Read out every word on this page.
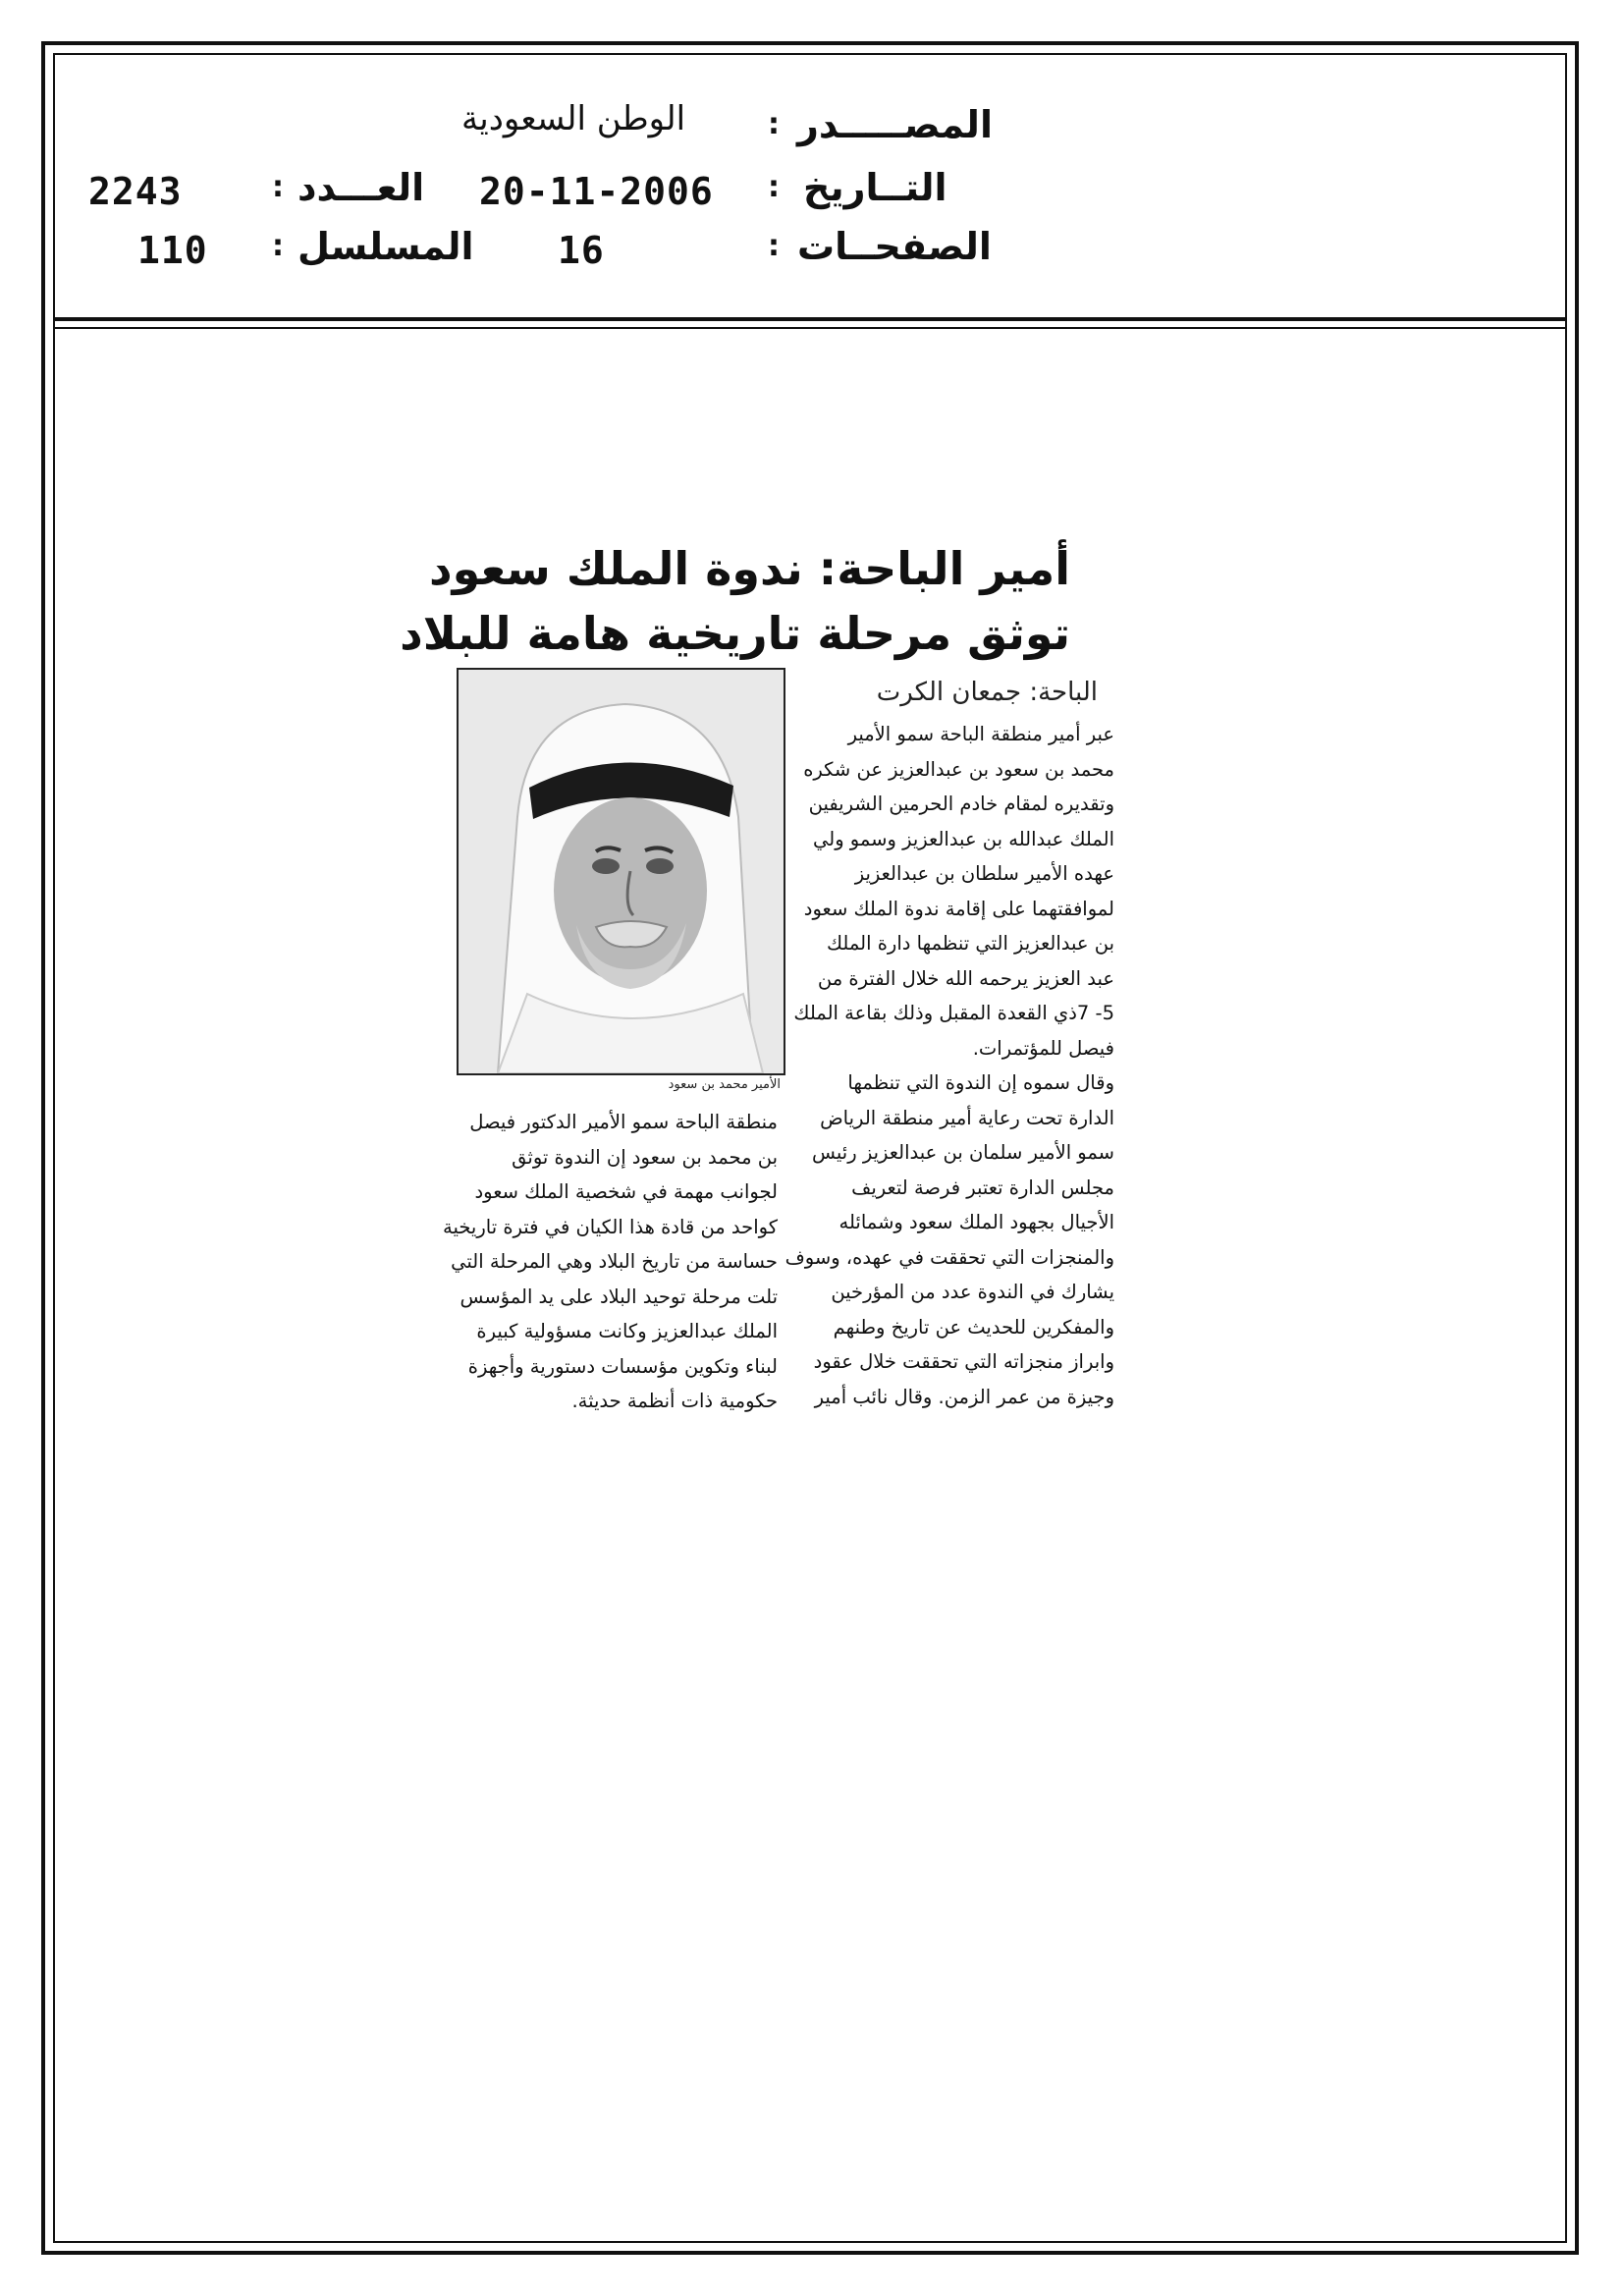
المصـــــدر
:
الوطن السعودية
التــاريخ
:
20-11-2006
العـــدد
:
2243
الصفحــات
:
16
المسلسل
:
110
أمير الباحة: ندوة الملك سعود
توثق مرحلة تاريخية هامة للبلاد
الباحة: جمعان الكرت
الأمير محمد بن سعود

عبر أمير منطقة الباحة سمو الأمير

محمد بن سعود بن عبدالعزيز عن شكره

وتقديره لمقام خادم الحرمين الشريفين

الملك عبدالله بن عبدالعزيز وسمو ولي

عهده الأمير سلطان بن عبدالعزيز

لموافقتهما على إقامة ندوة الملك سعود

بن عبدالعزيز التي تنظمها دارة الملك

عبد العزيز يرحمه الله خلال الفترة من

5- 7ذي القعدة المقبل وذلك بقاعة الملك

فيصل للمؤتمرات.

وقال سموه إن الندوة التي تنظمها

الدارة تحت رعاية أمير منطقة الرياض

سمو الأمير سلمان بن عبدالعزيز رئيس

مجلس الدارة تعتبر فرصة لتعريف

الأجيال بجهود الملك سعود وشمائله

والمنجزات التي تحققت في عهده، وسوف

يشارك في الندوة عدد من المؤرخين

والمفكرين للحديث عن تاريخ وطنهم

وابراز منجزاته التي تحققت خلال عقود

وجيزة من عمر الزمن. وقال نائب أمير

منطقة الباحة سمو الأمير الدكتور فيصل

بن محمد بن سعود إن الندوة توثق

لجوانب مهمة في شخصية الملك سعود

كواحد من قادة هذا الكيان في فترة تاريخية

حساسة من تاريخ البلاد وهي المرحلة التي

تلت مرحلة توحيد البلاد على يد المؤسس

الملك عبدالعزيز وكانت مسؤولية كبيرة

لبناء وتكوين مؤسسات دستورية وأجهزة

حكومية ذات أنظمة حديثة.
